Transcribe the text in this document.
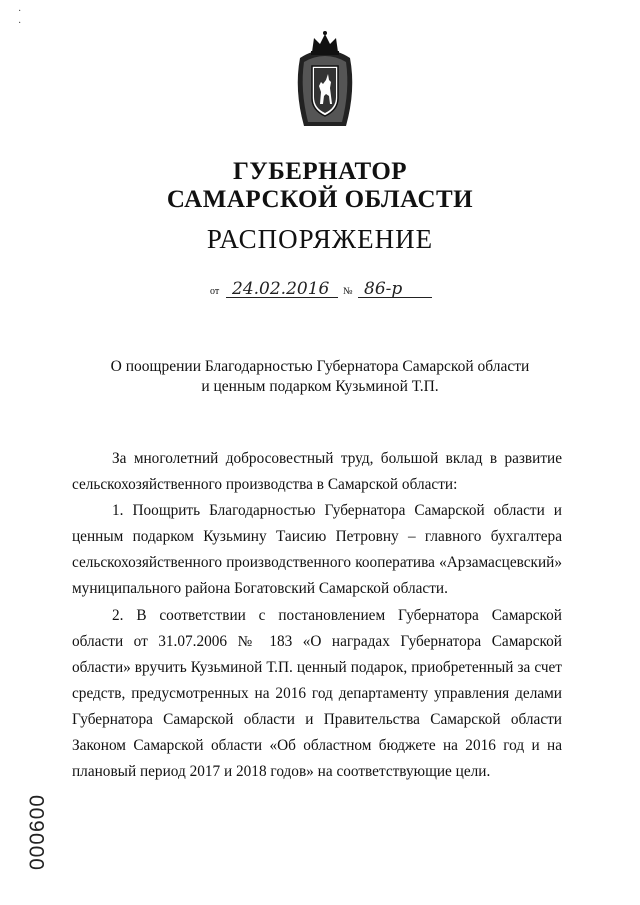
·
·
ГУБЕРНАТОР
САМАРСКОЙ ОБЛАСТИ
РАСПОРЯЖЕНИЕ
от 24.02.2016 № 86-р
О поощрении Благодарностью Губернатора Самарской области
и ценным подарком Кузьминой Т.П.

За многолетний добросовестный труд, большой вклад в развитие

сельскохозяйственного производства в Самарской области:

1. Поощрить Благодарностью Губернатора Самарской области и ценным подарком Кузьмину Таисию Петровну – главного бухгалтера сельскохозяйственного производственного кооператива «Арзамасцевский» муниципального района Богатовский Самарской области.

2. В соответствии с постановлением Губернатора Самарской области от 31.07.2006 № 183 «О наградах Губернатора Самарской области» вручить Кузьминой Т.П. ценный подарок, приобретенный за счет средств, предусмотренных на 2016 год департаменту управления делами Губернатора Самарской области и Правительства Самарской области Законом Самарской области «Об областном бюджете на 2016 год и на плановый период 2017 и 2018 годов» на соответствующие цели.

000600
